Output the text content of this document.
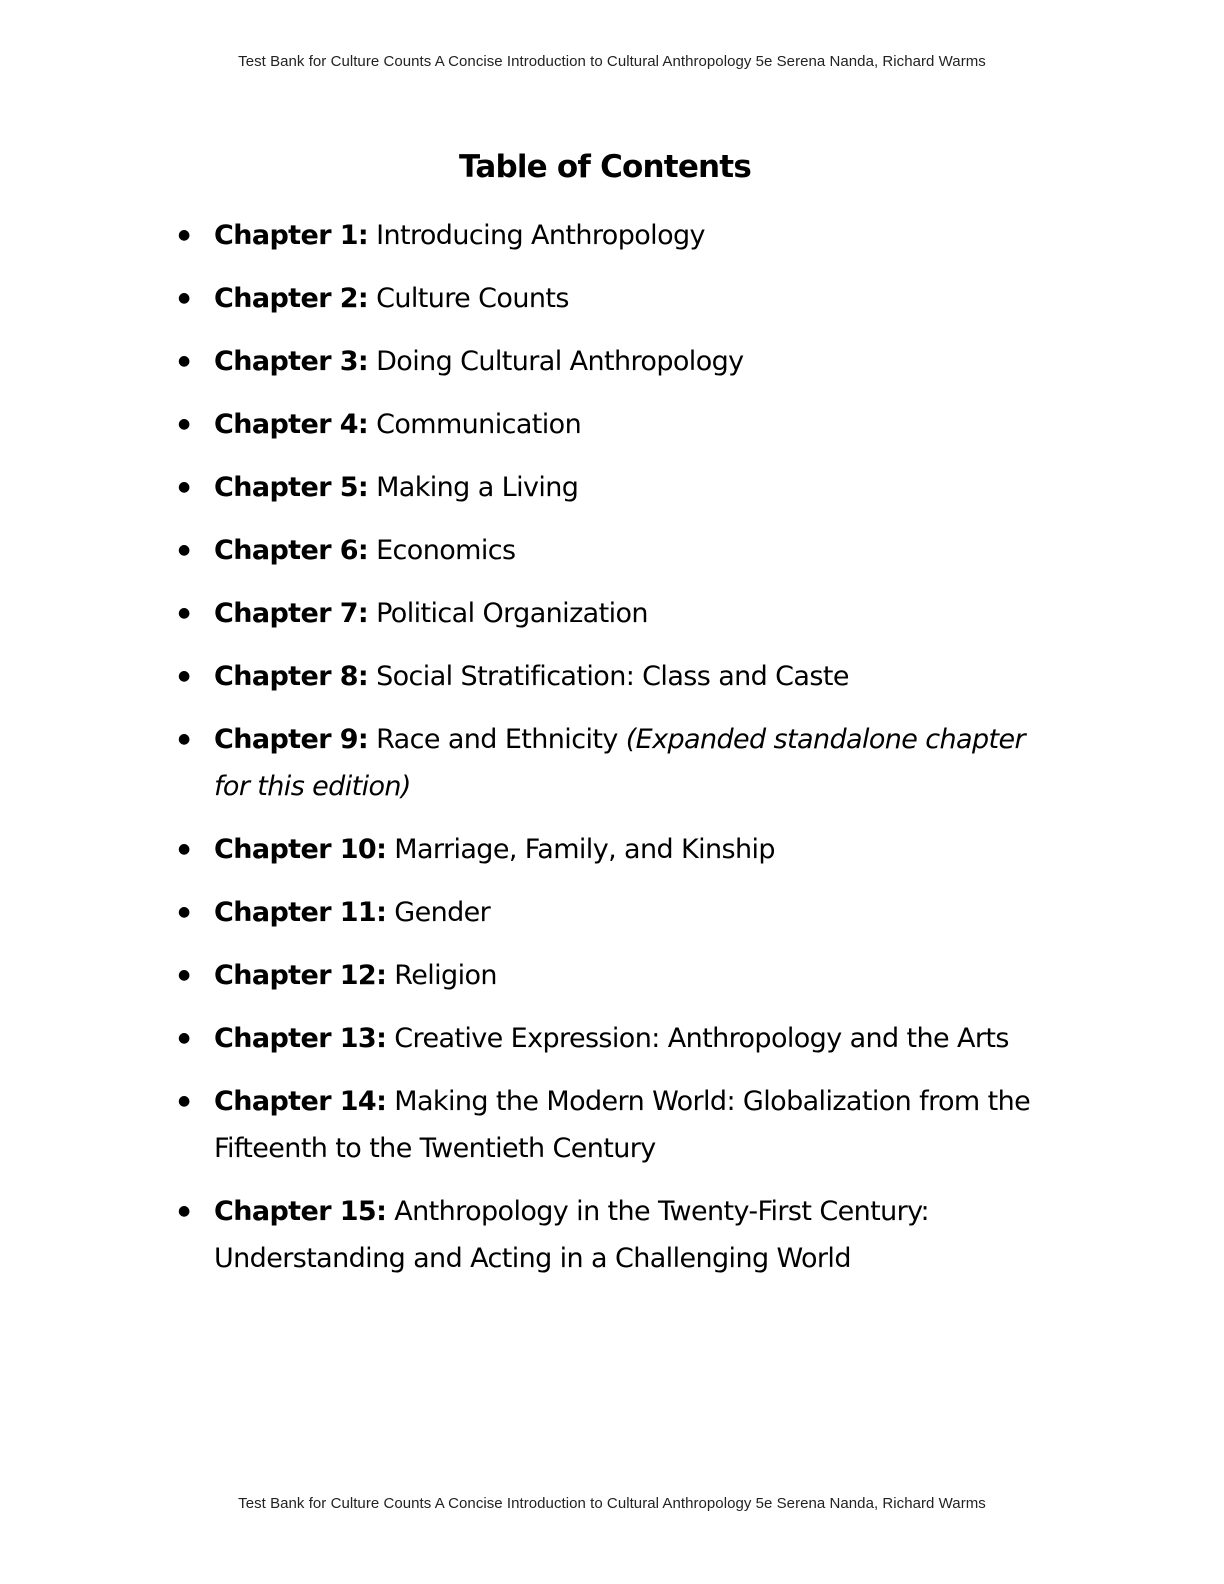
Test Bank for Culture Counts A Concise Introduction to Cultural Anthropology 5e Serena Nanda, Richard Warms
Table of Contents
● Chapter 1: Introducing Anthropology
● Chapter 2: Culture Counts
● Chapter 3: Doing Cultural Anthropology
● Chapter 4: Communication
● Chapter 5: Making a Living
● Chapter 6: Economics
● Chapter 7: Political Organization
● Chapter 8: Social Stratification: Class and Caste
● Chapter 9: Race and Ethnicity (Expanded standalone chapter for this edition)
● Chapter 10: Marriage, Family, and Kinship
● Chapter 11: Gender
● Chapter 12: Religion
● Chapter 13: Creative Expression: Anthropology and the Arts
● Chapter 14: Making the Modern World: Globalization from the Fifteenth to the Twentieth Century
● Chapter 15: Anthropology in the Twenty-First Century: Understanding and Acting in a Challenging World
Test Bank for Culture Counts A Concise Introduction to Cultural Anthropology 5e Serena Nanda, Richard Warms
